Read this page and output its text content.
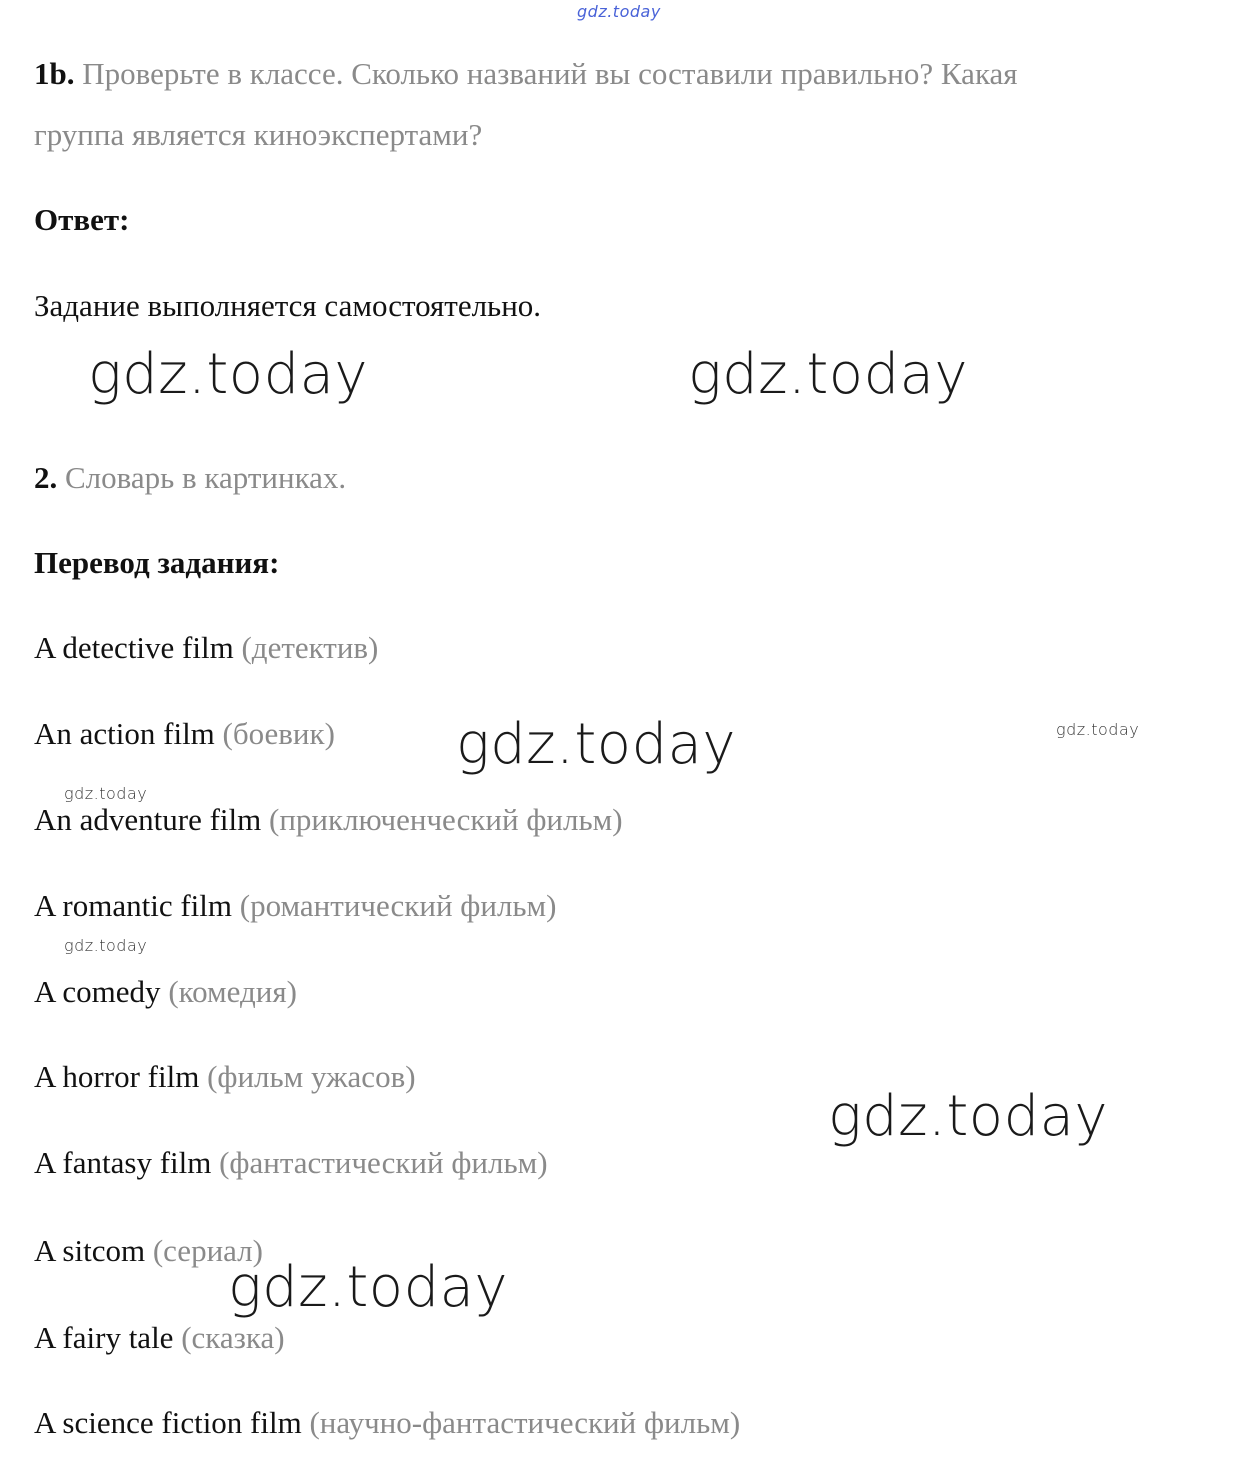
gdz.today
1b. Проверьте в классе. Сколько названий вы составили правильно? Какая
группа является киноэкспертами?
Ответ:
Задание выполняется самостоятельно.
gdz.today	gdz.today
2. Словарь в картинках.
Перевод задания:
A detective film (детектив)
An action film (боевик)
An adventure film (приключенческий фильм)
A romantic film (романтический фильм)
A comedy (комедия)
A horror film (фильм ужасов)
A fantasy film (фантастический фильм)
A sitcom (сериал)
A fairy tale (сказка)
A science fiction film (научно-фантастический фильм)
gdz.today	gdz.today
gdz.today
gdz.today
gdz.today
gdz.today
